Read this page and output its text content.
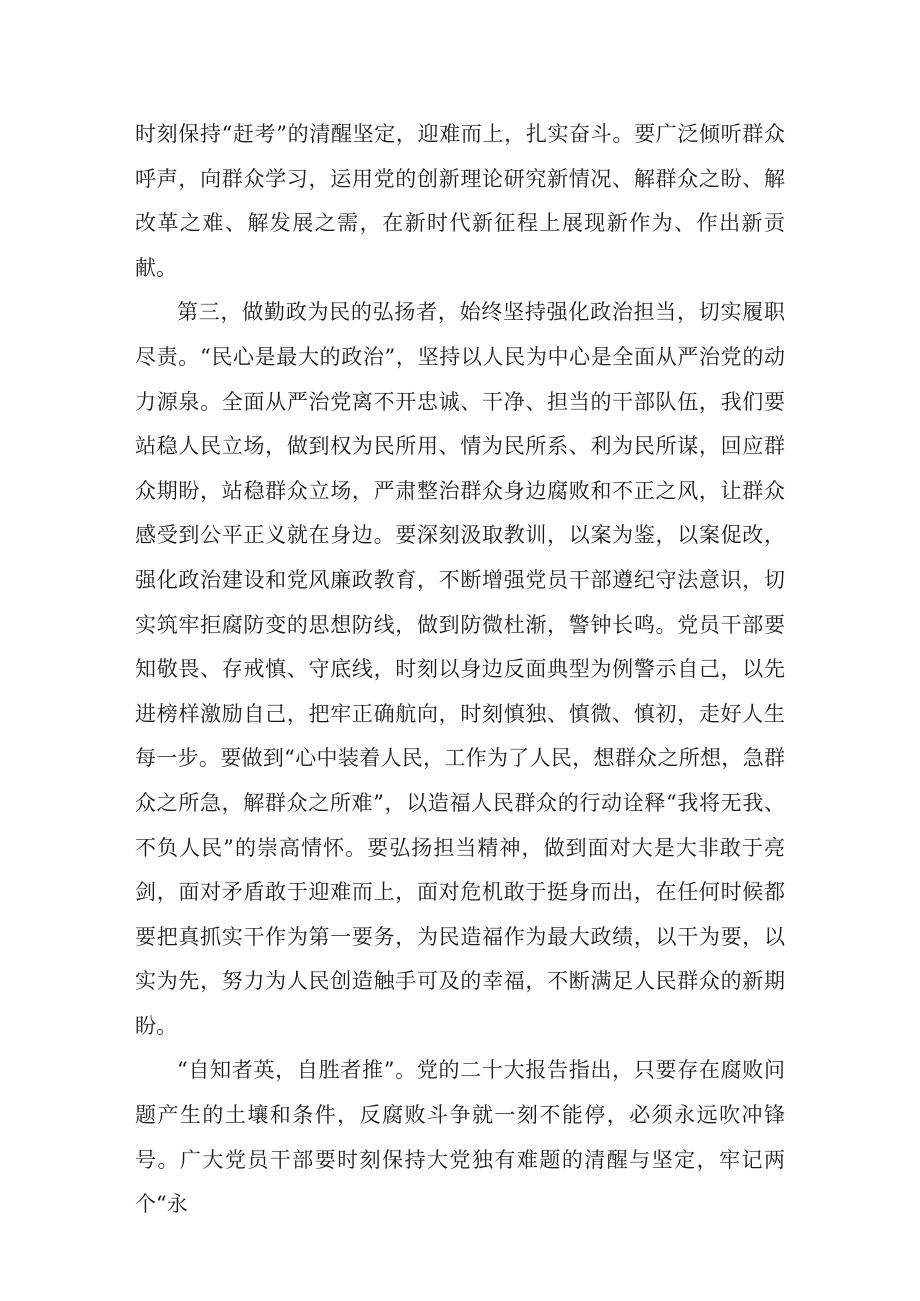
时刻保持“赶考”的清醒坚定，迎难而上，扎实奋斗。要广泛倾听群众呼声，向群众学习，运用党的创新理论研究新情况、解群众之盼、解改革之难、解发展之需，在新时代新征程上展现新作为、作出新贡献。

第三，做勤政为民的弘扬者，始终坚持强化政治担当，切实履职尽责。“民心是最大的政治”，坚持以人民为中心是全面从严治党的动力源泉。全面从严治党离不开忠诚、干净、担当的干部队伍，我们要站稳人民立场，做到权为民所用、情为民所系、利为民所谋，回应群众期盼，站稳群众立场，严肃整治群众身边腐败和不正之风，让群众感受到公平正义就在身边。要深刻汲取教训，以案为鉴，以案促改，强化政治建设和党风廉政教育，不断增强党员干部遵纪守法意识，切实筑牢拒腐防变的思想防线，做到防微杜渐，警钟长鸣。党员干部要知敬畏、存戒慎、守底线，时刻以身边反面典型为例警示自己，以先进榜样激励自己，把牢正确航向，时刻慎独、慎微、慎初，走好人生每一步。要做到“心中装着人民，工作为了人民，想群众之所想，急群众之所急，解群众之所难”，以造福人民群众的行动诠释“我将无我、不负人民”的崇高情怀。要弘扬担当精神，做到面对大是大非敢于亮剑，面对矛盾敢于迎难而上，面对危机敢于挺身而出，在任何时候都要把真抓实干作为第一要务，为民造福作为最大政绩，以干为要，以实为先，努力为人民创造触手可及的幸福，不断满足人民群众的新期盼。

“自知者英，自胜者推”。党的二十大报告指出，只要存在腐败问题产生的土壤和条件，反腐败斗争就一刻不能停，必须永远吹冲锋号。广大党员干部要时刻保持大党独有难题的清醒与坚定，牢记两个“永
